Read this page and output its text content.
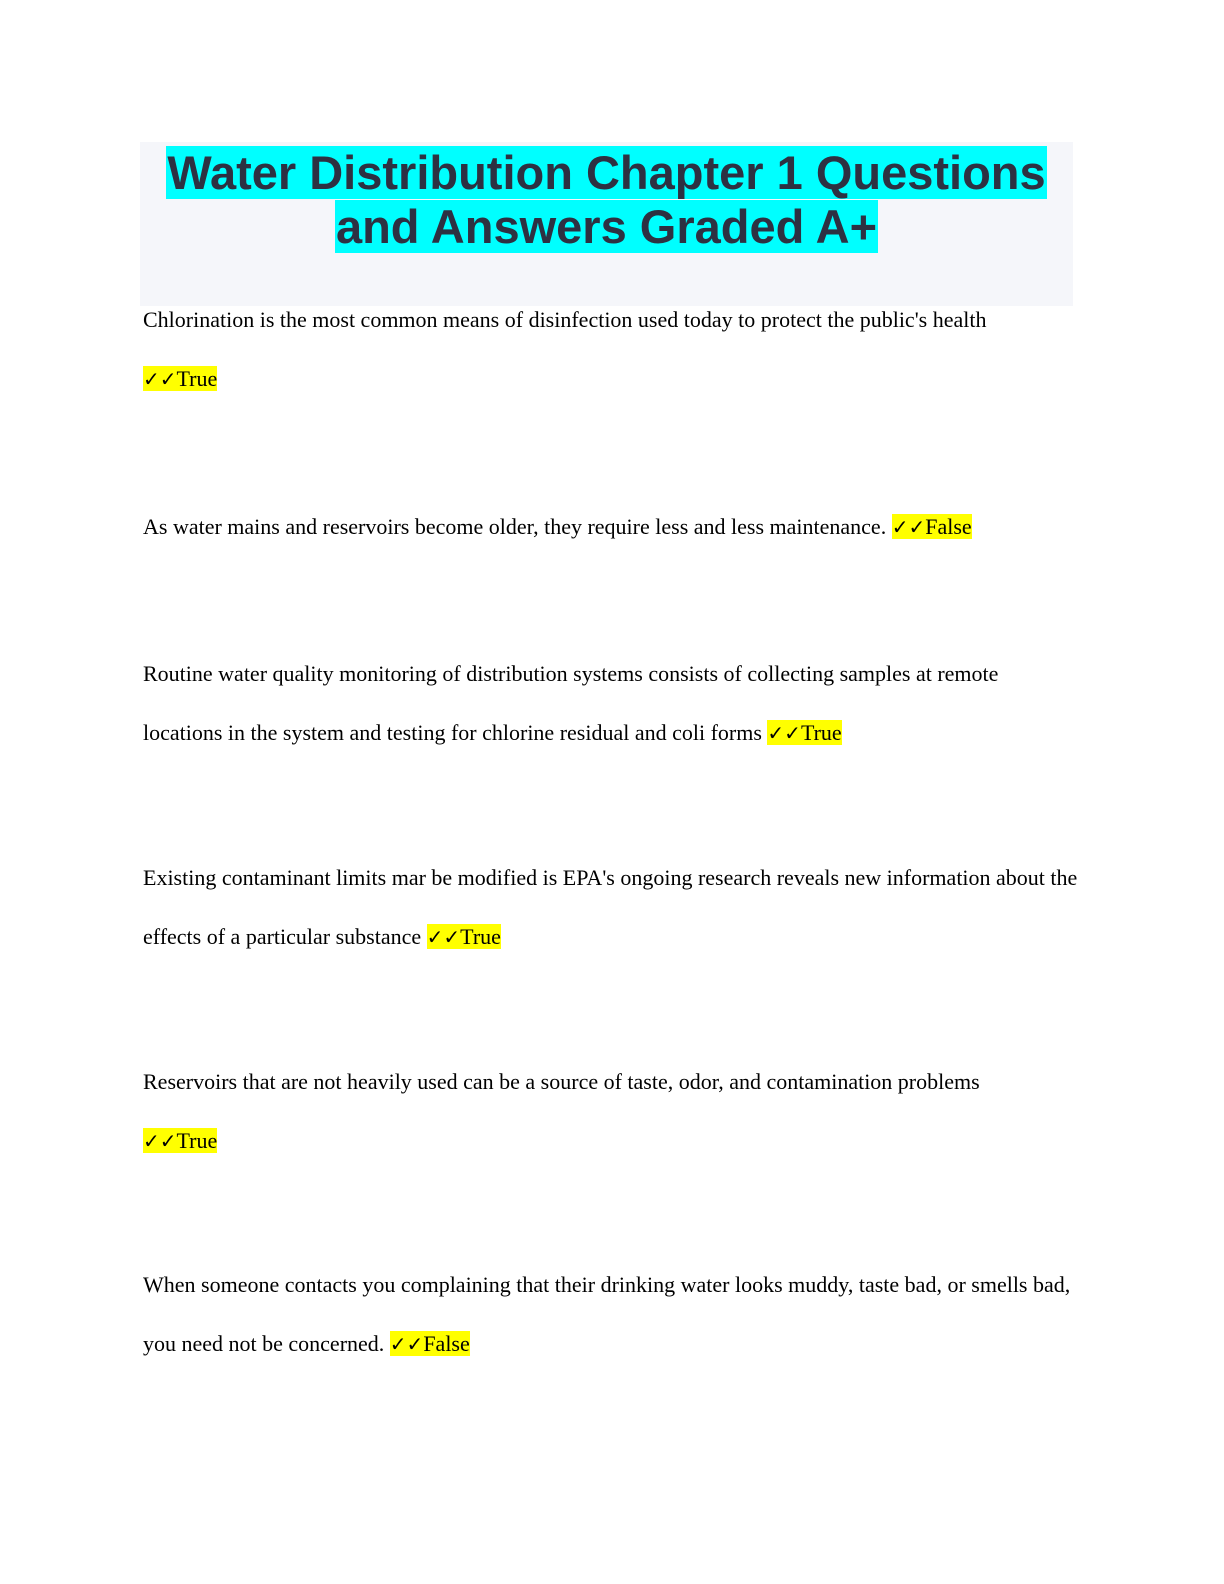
Water Distribution Chapter 1 Questions
and Answers Graded A+

Chlorination is the most common means of disinfection used today to protect the public's health
✓✓True

As water mains and reservoirs become older, they require less and less maintenance. ✓✓False

Routine water quality monitoring of distribution systems consists of collecting samples at remote locations in the system and testing for chlorine residual and coli forms ✓✓True

Existing contaminant limits mar be modified is EPA's ongoing research reveals new information about the effects of a particular substance ✓✓True

Reservoirs that are not heavily used can be a source of taste, odor, and contamination problems
✓✓True

When someone contacts you complaining that their drinking water looks muddy, taste bad, or smells bad, you need not be concerned. ✓✓False
